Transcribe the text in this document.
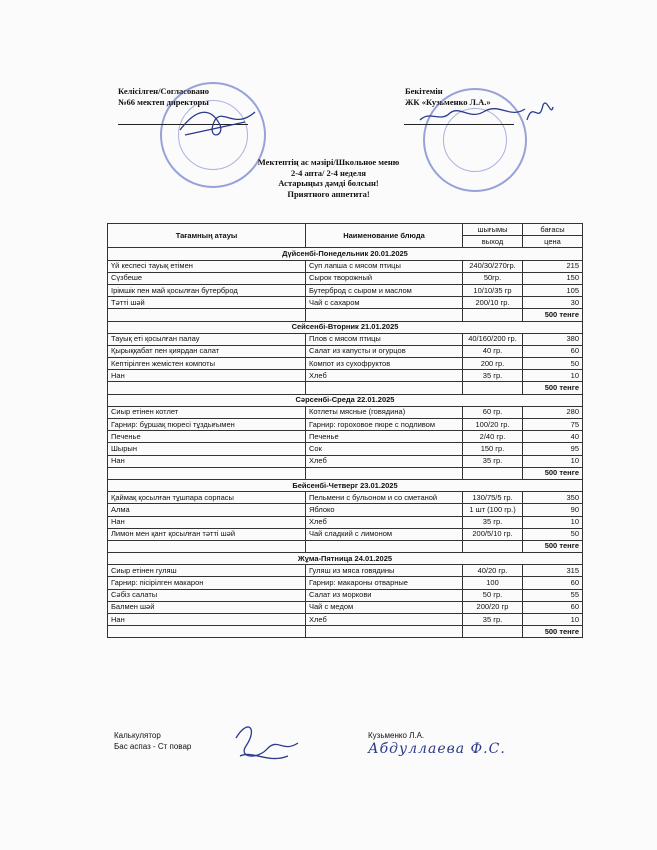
Келісілген/Согласовано
№66 мектеп директоры
Бекітемін
ЖК «Кузьменко Л.А.»
Мектептің ас мәзірі/Школьное меню
2-4 апта/ 2-4 неделя
Астарыңыз дәмді болсын!
Приятного аппетита!
Тағамның атауы	Наименование блюда	шығымы	бағасы
		выход	цена
Дүйсенбі-Понедельник 20.01.2025			
Үй кеспесі тауық етімен	Суп лапша с мясом птицы	240/30/270гр.	215
Сүзбеше	Сырок творожный	50гр.	150
Ірімшік пен май қосылған бутерброд	Бутерброд с сыром и маслом	10/10/35 гр	105
Тәтті шәй	Чай с сахаром	200/10 гр.	30
			500 тенге
Сейсенбі-Вторник 21.01.2025			
Тауық еті қосылған палау	Плов с мясом птицы	40/160/200 гр.	380
Қырыққабат пен қиярдан салат	Салат из капусты и огурцов	40 гр.	60
Кептірілген жемістен компоты	Компот из сухофруктов	200 гр.	50
Нан	Хлеб	35 гр.	10
			500 тенге
Сәрсенбі-Среда 22.01.2025			
Сиыр етінен котлет	Котлеты мясные (говядина)	60 гр.	280
Гарнир: бұршақ пюресі тұздығымен	Гарнир: гороховое пюре с подливом	100/20 гр.	75
Печенье	Печенье	2/40 гр.	40
Шырын	Сок	150 гр.	95
Нан	Хлеб	35 гр.	10
			500 тенге
Бейсенбі-Четверг 23.01.2025			
Қаймақ қосылған тұшпара сорпасы	Пельмени с бульоном и со сметаной	130/75/5 гр.	350
Алма	Яблоко	1 шт (100 гр.)	90
Нан	Хлеб	35 гр.	10
Лимон мен қант қосылған тәтті шәй	Чай сладкий с лимоном	200/5/10 гр.	50
			500 тенге
Жұма-Пятница 24.01.2025			
Сиыр етінен гуляш	Гуляш из мяса говядины	40/20 гр.	315
Гарнир: пісірілген макарон	Гарнир: макароны отварные	100	60
Сәбіз салаты	Салат из моркови	50 гр.	55
Балмен шәй	Чай с медом	200/20 гр	60
Нан	Хлеб	35 гр.	10
			500 тенге
Калькулятор
Бас аспаз - Ст повар
Кузьменко Л.А.
Абдуллаева Ф.С.
